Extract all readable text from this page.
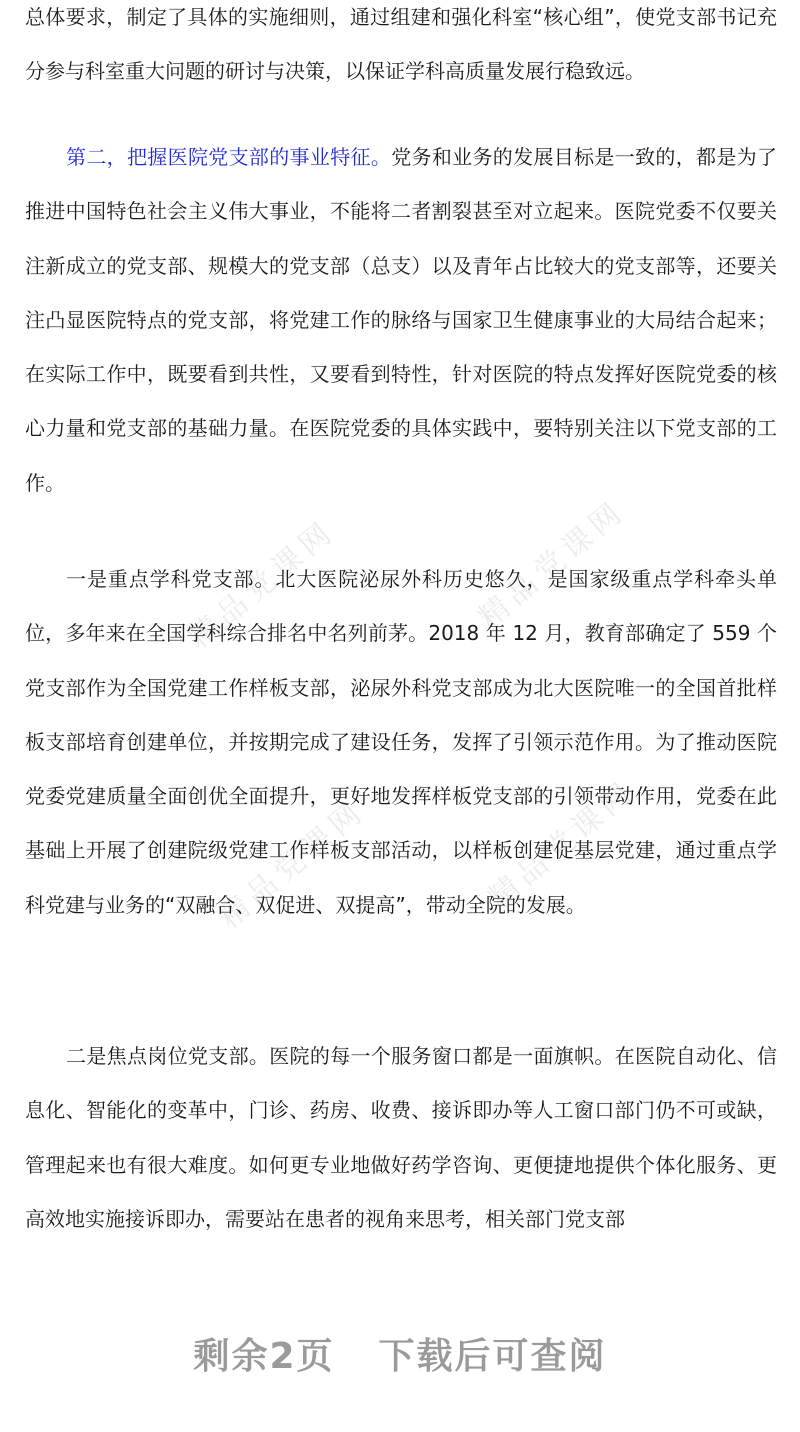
精品党课网	精品党课网
精品党课网	精品党课网

总体要求，制定了具体的实施细则，通过组建和强化科室“核心组”，使党支部书记充分参与科室重大问题的研讨与决策，以保证学科高质量发展行稳致远。

第二，把握医院党支部的事业特征。党务和业务的发展目标是一致的，都是为了推进中国特色社会主义伟大事业，不能将二者割裂甚至对立起来。医院党委不仅要关注新成立的党支部、规模大的党支部（总支）以及青年占比较大的党支部等，还要关注凸显医院特点的党支部，将党建工作的脉络与国家卫生健康事业的大局结合起来；在实际工作中，既要看到共性，又要看到特性，针对医院的特点发挥好医院党委的核心力量和党支部的基础力量。在医院党委的具体实践中，要特别关注以下党支部的工作。

一是重点学科党支部。北大医院泌尿外科历史悠久，是国家级重点学科牵头单位，多年来在全国学科综合排名中名列前茅。2018 年 12 月，教育部确定了 559 个党支部作为全国党建工作样板支部，泌尿外科党支部成为北大医院唯一的全国首批样板支部培育创建单位，并按期完成了建设任务，发挥了引领示范作用。为了推动医院党委党建质量全面创优全面提升，更好地发挥样板党支部的引领带动作用，党委在此基础上开展了创建院级党建工作样板支部活动，以样板创建促基层党建，通过重点学科党建与业务的“双融合、双促进、双提高”，带动全院的发展。

二是焦点岗位党支部。医院的每一个服务窗口都是一面旗帜。在医院自动化、信息化、智能化的变革中，门诊、药房、收费、接诉即办等人工窗口部门仍不可或缺，管理起来也有很大难度。如何更专业地做好药学咨询、更便捷地提供个体化服务、更高效地实施接诉即办，需要站在患者的视角来思考，相关部门党支部

剩余2页 下载后可查阅
